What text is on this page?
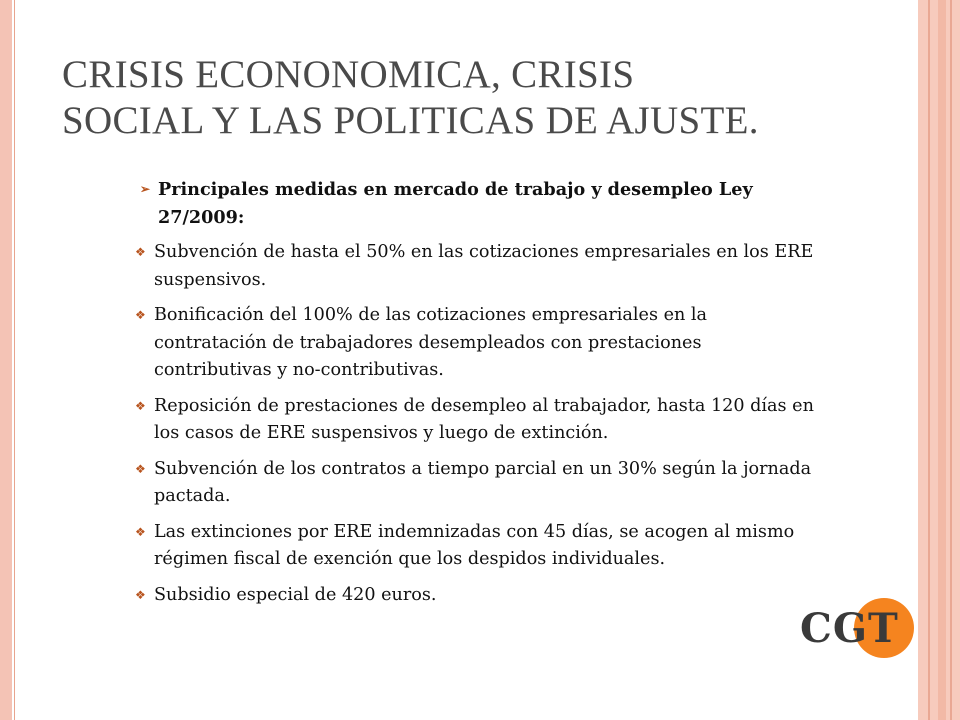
CRISIS ECONONOMICA, CRISIS
SOCIAL Y LAS POLITICAS DE AJUSTE.
➢ Principales medidas en mercado de trabajo y desempleo Ley 27/2009:
❖ Subvención de hasta el 50% en las cotizaciones empresariales en los ERE suspensivos.
❖ Bonificación del 100% de las cotizaciones empresariales en la contratación de trabajadores desempleados con prestaciones contributivas y no-contributivas.
❖ Reposición de prestaciones de desempleo al trabajador, hasta 120 días en los casos de ERE suspensivos y luego de extinción.
❖ Subvención de los contratos a tiempo parcial en un 30% según la jornada pactada.
❖ Las extinciones por ERE indemnizadas con 45 días, se acogen al mismo régimen fiscal de exención que los despidos individuales.
❖ Subsidio especial de 420 euros.
CGT
